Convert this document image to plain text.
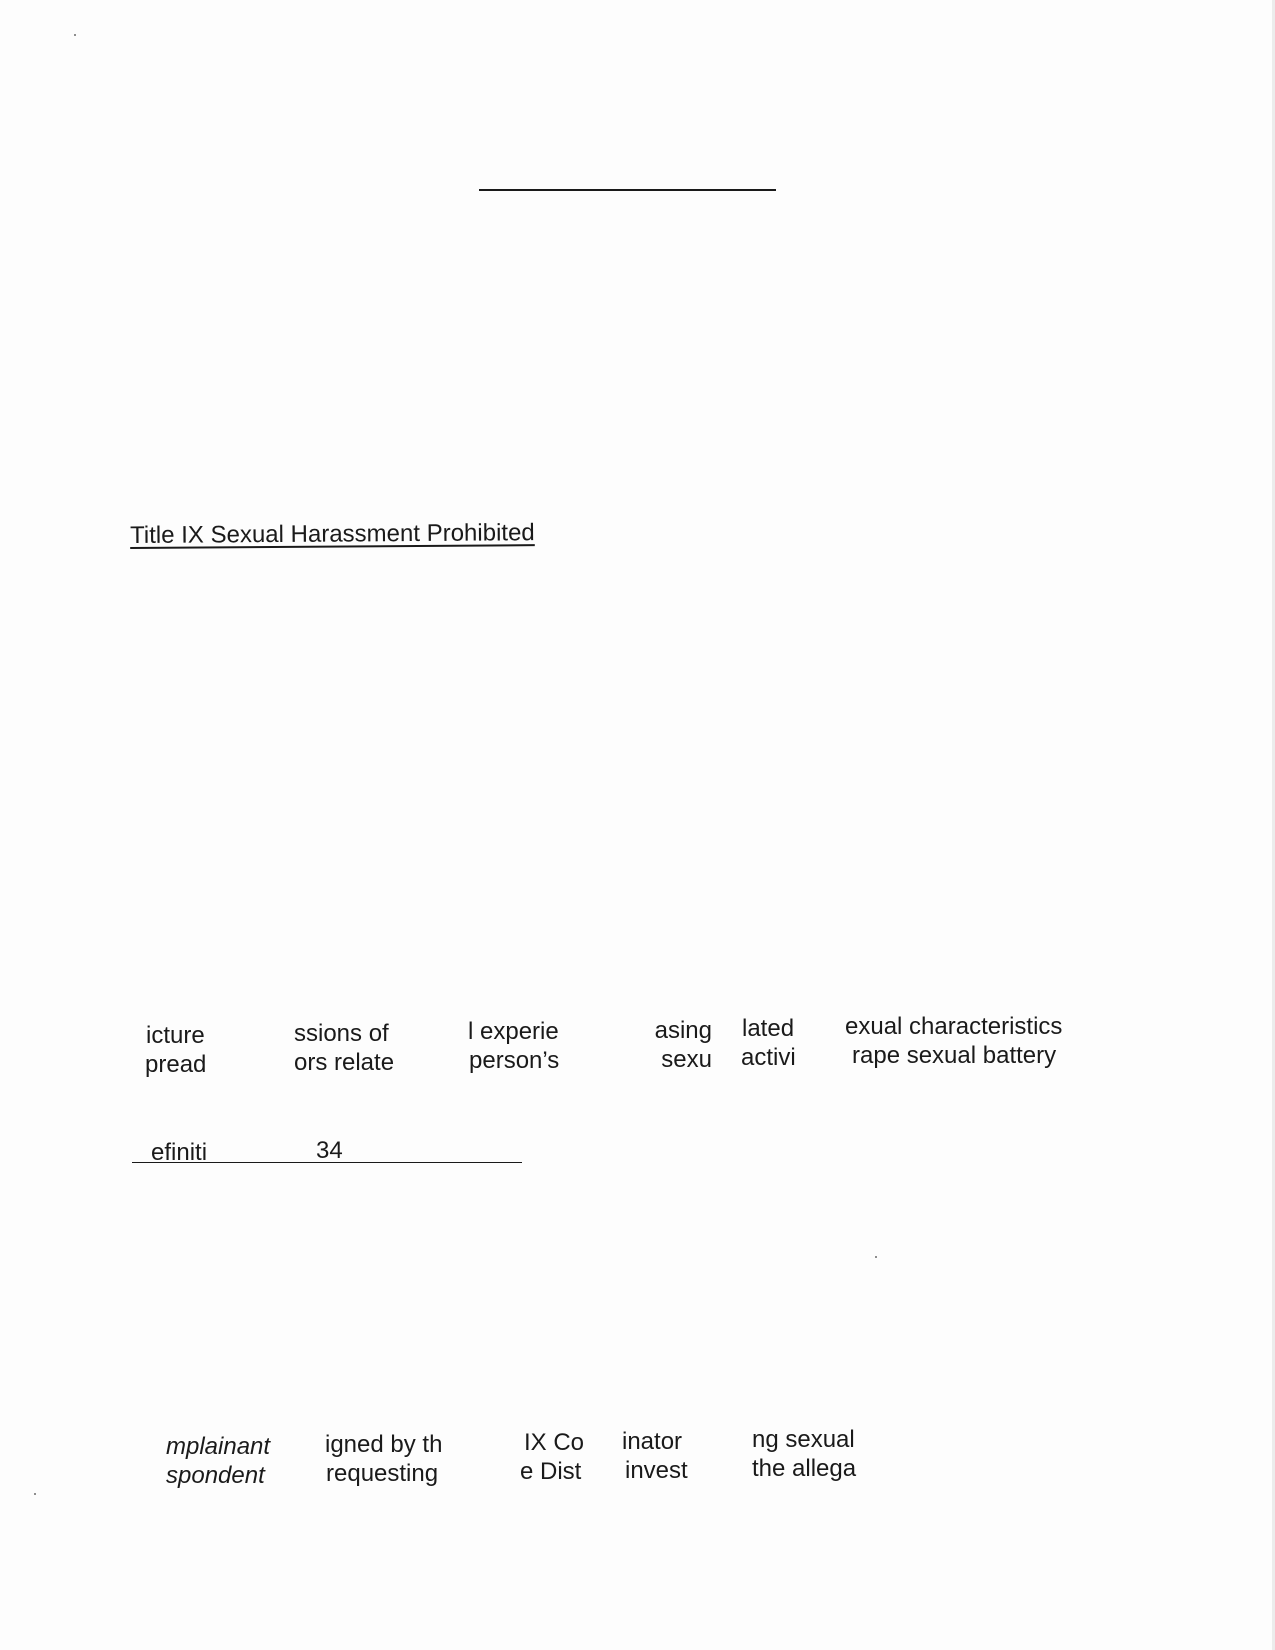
Title IX Sexual Harassment Prohibited

icture

pread

ssions of

ors relate

l experie

person’s

asing

sexu

lated

activi

exual characteristics

rape sexual battery

efiniti	34

mplainant

spondent

igned by th

requesting

IX Co

e Dist

inator

invest

ng sexual

the allega
